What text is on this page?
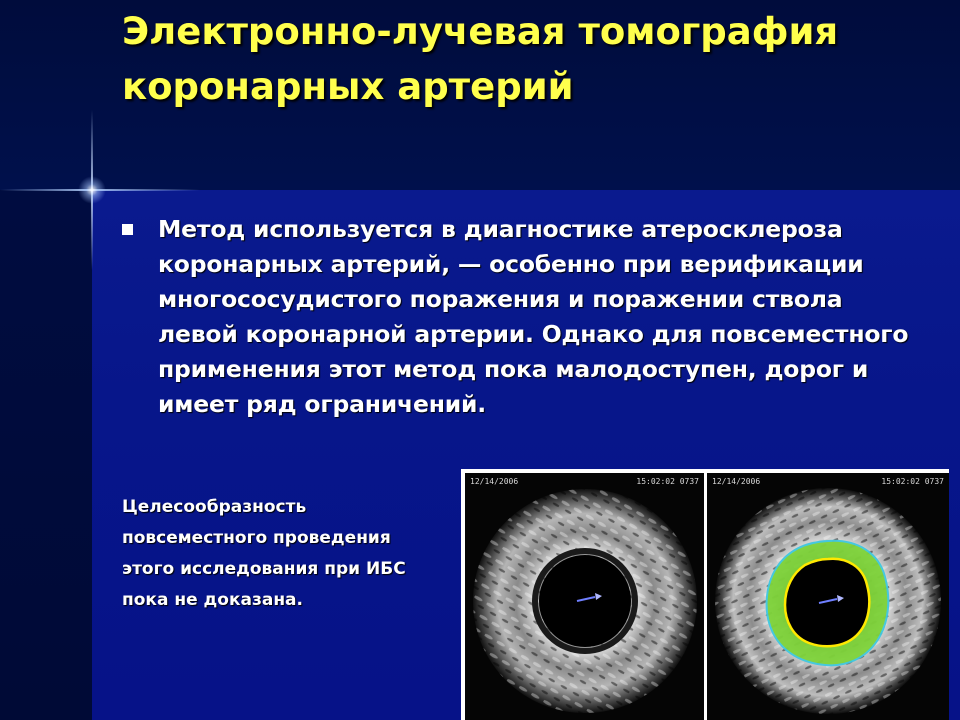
Электронно-лучевая томография коронарных артерий

Метод используется в диагностике атеросклероза коронарных артерий, — особенно при верификации многососудистого поражения и поражении ствола левой коронарной артерии. Однако для повсеместного применения этот метод пока малодоступен, дорог и имеет ряд ограничений.

Целесообразность повсеместного проведения этого исследования при ИБС пока не доказана.

12/14/2006	15:02:02 0737 12/14/2006	15:02:02 0737
